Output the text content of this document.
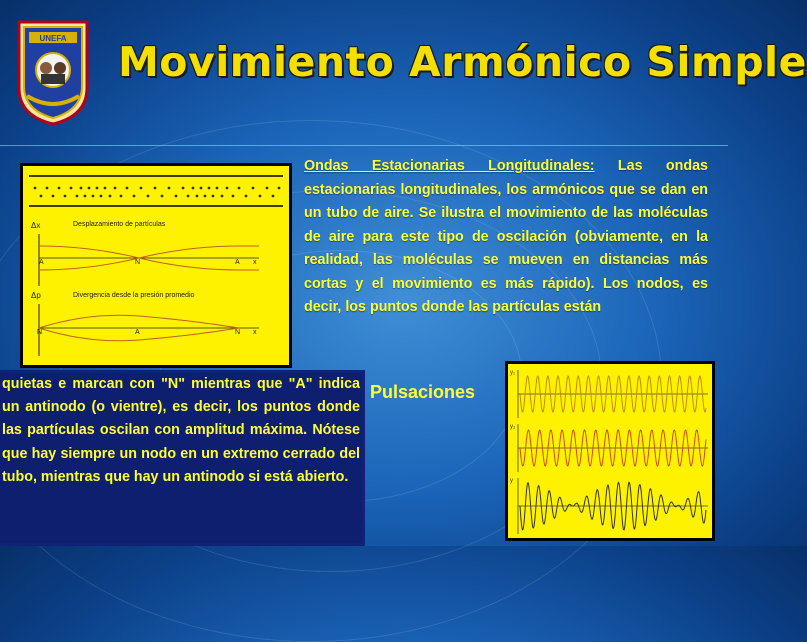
UNEFA Movimiento Armónico Simple
Δx	Desplazamiento de partículas
A	N	A x
Δp	Divergencia desde la presión promedio
N	A	N x
Ondas Estacionarias Longitudinales: Las ondas estacionarias longitudinales, los armónicos que se dan en un tubo de aire. Se ilustra el movimiento de las moléculas de aire para este tipo de oscilación (obviamente, en la realidad, las moléculas se mueven en distancias más cortas y el movimiento es más rápido). Los nodos, es decir, los puntos donde las partículas están
quietas e marcan con "N" mientras que "A" indica un antinodo (o vientre), es decir, los puntos donde las partículas oscilan con amplitud máxima. Nótese que hay siempre un nodo en un extremo cerrado del tubo, mientras que hay un antinodo si está abierto.
Pulsaciones
y₁
y₂
y
